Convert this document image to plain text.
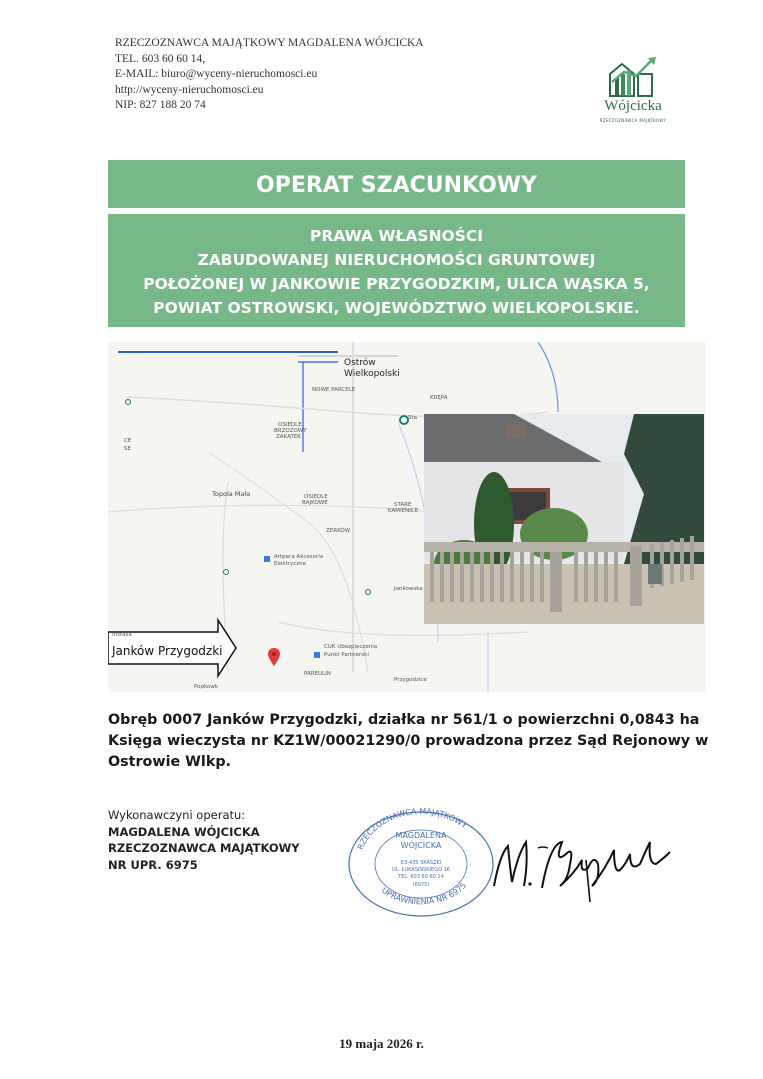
RZECZOZNAWCA MAJĄTKOWY MAGDALENA WÓJCICKA
TEL. 603 60 60 14,
E-MAIL: biuro@wyceny-nieruchomosci.eu
http://wyceny-nieruchomosci.eu
NIP: 827 188 20 74	Wójcicka
RZECZOZNAWCA MAJĄTKOWY
OPERAT SZACUNKOWY
PRAWA WŁASNOŚCI
ZABUDOWANEJ NIERUCHOMOŚCI GRUNTOWEJ
POŁOŻONEJ W JANKOWIE PRZYGODZKIM, ULICA WĄSKA 5,
POWIAT OSTROWSKI, WOJEWÓDZTWO WIELKOPOLSKIE.
Ostrów
Wielkopolski
NOWE PARCELE
KRĘPA
OSIEDLE
BRZOZOWY
ZAKĄTEK
Sta
CE
SE
Topola Mała	OSIEDLE
BAJKOWE	STARE
KAMIENICE
ZERKÓW
Artpera Akcesoria
Elektryczne
Jankowska
CUK Ubezpieczenia
Punkt Partnerski
PAREULIN
Przygodzice
Popkowk
Instalia
Janków Przygodzki
Obręb 0007 Janków Przygodzki, działka nr 561/1 o powierzchni 0,0843 ha
Księga wieczysta nr KZ1W/00021290/0 prowadzona przez Sąd Rejonowy w
Ostrowie Wlkp.
Wykonawczyni operatu:
MAGDALENA WÓJCICKA
RZECZOZNAWCA MAJĄTKOWY
NR UPR. 6975
RZECZOZNAWCA MAJĄTKOWY
UPRAWNIENIA NR 6975
MAGDALENA
WÓJCICKA
63-435 SKASZKI
UL. ŁUKASIŃSKIEGO 16
TEL. 603 60 60 14
(6975)
19 maja 2026 r.
